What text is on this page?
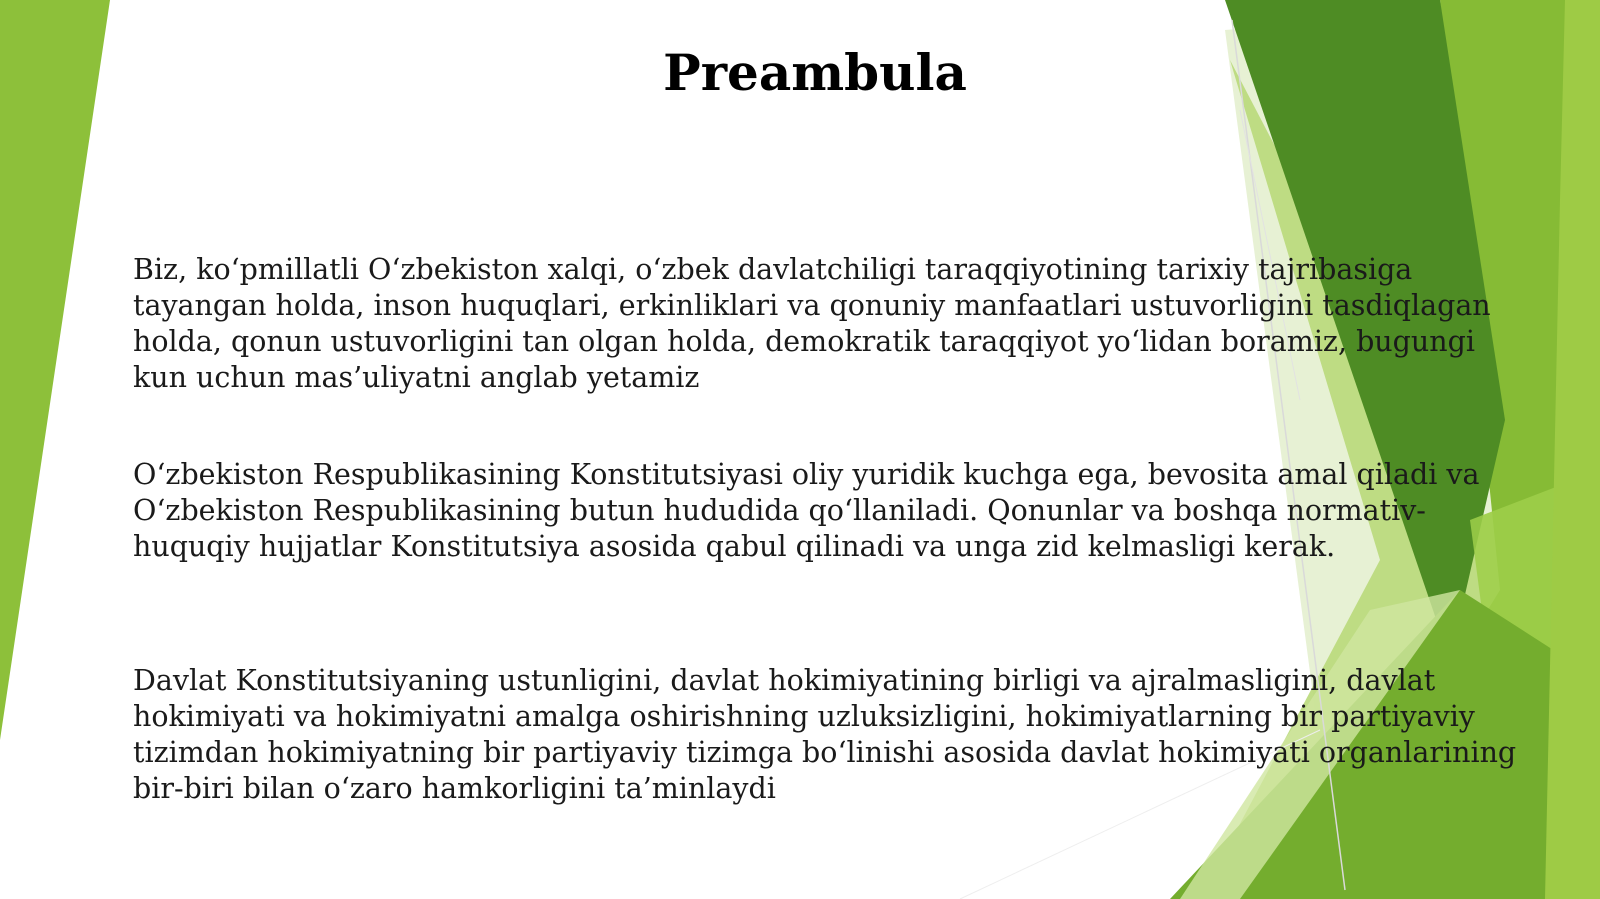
Preambula

Biz, ko‘pmillatli O‘zbekiston xalqi, o‘zbek davlatchiligi taraqqiyotining tarixiy tajribasiga
tayangan holda, inson huquqlari, erkinliklari va qonuniy manfaatlari ustuvorligini tasdiqlagan
holda, qonun ustuvorligini tan olgan holda, demokratik taraqqiyot yo‘lidan boramiz, bugungi
kun uchun mas’uliyatni anglab yetamiz

O‘zbekiston Respublikasining Konstitutsiyasi oliy yuridik kuchga ega, bevosita amal qiladi va
O‘zbekiston Respublikasining butun hududida qo‘llaniladi. Qonunlar va boshqa normativ-
huquqiy hujjatlar Konstitutsiya asosida qabul qilinadi va unga zid kelmasligi kerak.

Davlat Konstitutsiyaning ustunligini, davlat hokimiyatining birligi va ajralmasligini, davlat
hokimiyati va hokimiyatni amalga oshirishning uzluksizligini, hokimiyatlarning bir partiyaviy
tizimdan hokimiyatning bir partiyaviy tizimga bo‘linishi asosida davlat hokimiyati organlarining
bir-biri bilan o‘zaro hamkorligini ta’minlaydi
